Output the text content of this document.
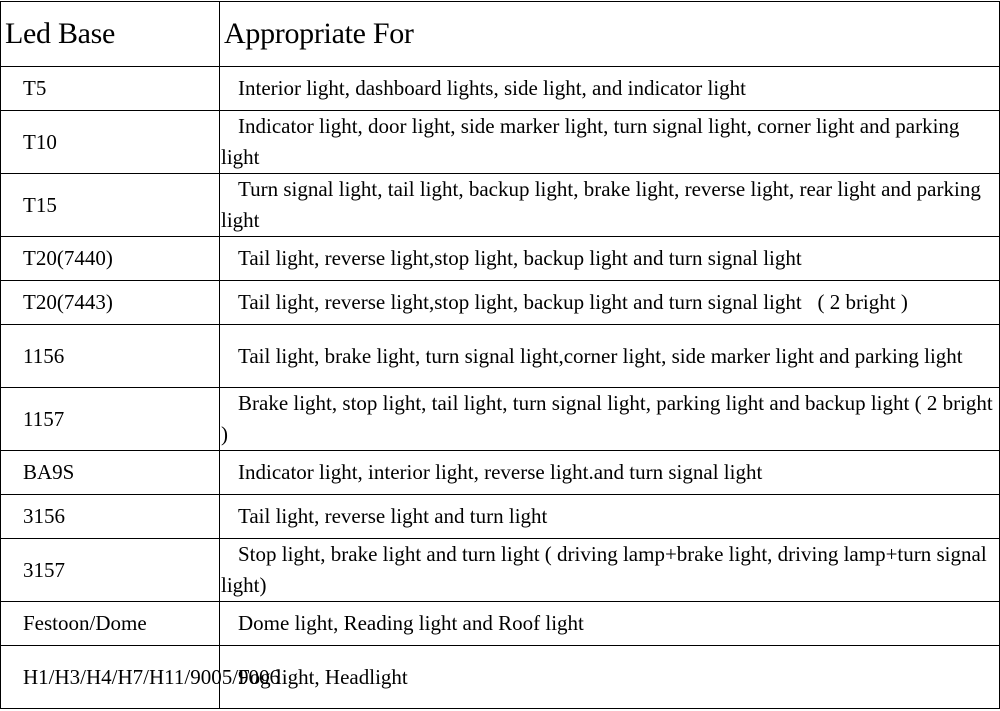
Led Base	Appropriate For
T5	Interior light, dashboard lights, side light, and indicator light
T10	Indicator light, door light, side marker light, turn signal light, corner light and parking light
T15	Turn signal light, tail light, backup light, brake light, reverse light, rear light and parking light
T20(7440)	Tail light, reverse light,stop light, backup light and turn signal light
T20(7443)	Tail light, reverse light,stop light, backup light and turn signal light   ( 2 bright )
1156	Tail light, brake light, turn signal light,corner light, side marker light and parking light
1157	Brake light, stop light, tail light, turn signal light, parking light and backup light ( 2 bright )
BA9S	Indicator light, interior light, reverse light.and turn signal light
3156	Tail light, reverse light and turn light
3157	Stop light, brake light and turn light ( driving lamp+brake light, driving lamp+turn signal light)
Festoon/Dome	Dome light, Reading light and Roof light
H1/H3/H4/H7/H11/9005/9006	Fog light, Headlight
